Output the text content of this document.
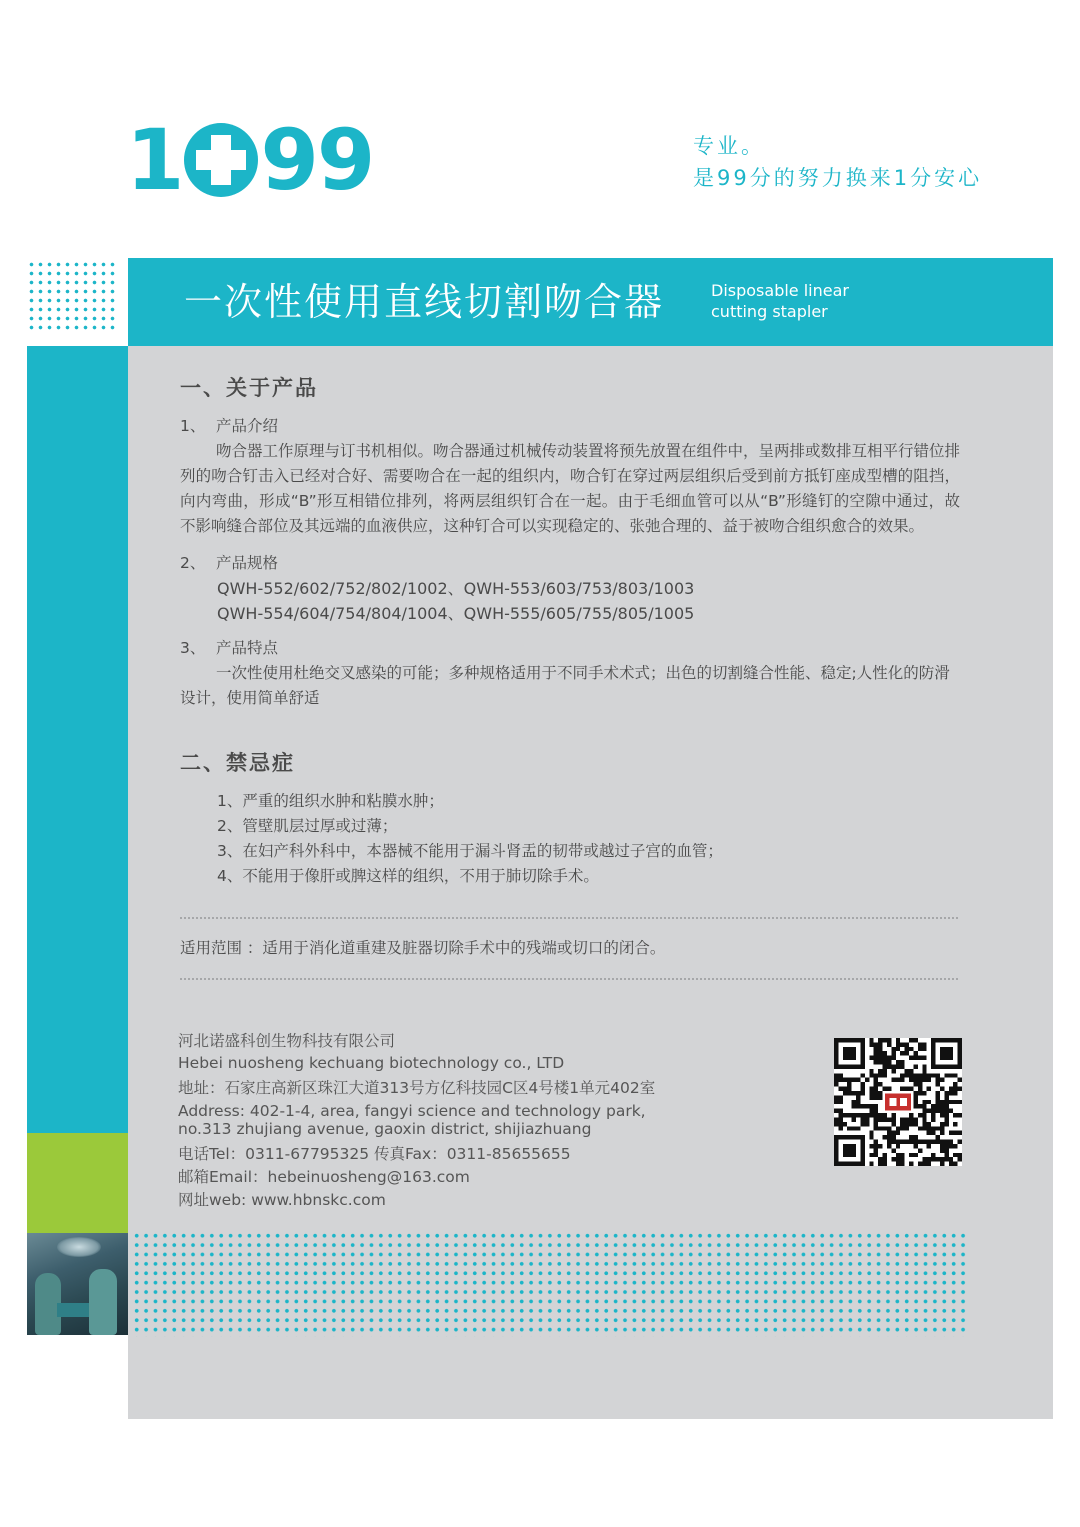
1 99	专业。
是99分的努力换来1分安心
一次性使用直线切割吻合器	Disposable linear
cutting stapler
一、关于产品
1、 产品介绍

吻合器工作原理与订书机相似。吻合器通过机械传动装置将预先放置在组件中，呈两排或数排互相平行错位排列的吻合钉击入已经对合好、需要吻合在一起的组织内，吻合钉在穿过两层组织后受到前方抵钉座成型槽的阻挡，向内弯曲，形成“B”形互相错位排列，将两层组织钉合在一起。由于毛细血管可以从“B”形缝钉的空隙中通过，故不影响缝合部位及其远端的血液供应，这种钉合可以实现稳定的、张弛合理的、益于被吻合组织愈合的效果。

2、 产品规格
QWH-552/602/752/802/1002、QWH-553/603/753/803/1003
QWH-554/604/754/804/1004、QWH-555/605/755/805/1005
3、 产品特点

一次性使用杜绝交叉感染的可能；多种规格适用于不同手术术式；出色的切割缝合性能、稳定;人性化的防滑设计，使用简单舒适

二、禁忌症
1、严重的组织水肿和粘膜水肿；
2、管壁肌层过厚或过薄；
3、在妇产科外科中，本器械不能用于漏斗肾盂的韧带或越过子宫的血管；
4、不能用于像肝或脾这样的组织，不用于肺切除手术。
适用范围 ：适用于消化道重建及脏器切除手术中的残端或切口的闭合。
河北诺盛科创生物科技有限公司
Hebei nuosheng kechuang biotechnology co., LTD
地址：石家庄高新区珠江大道313号方亿科技园C区4号楼1单元402室
Address: 402-1-4, area, fangyi science and technology park,
no.313 zhujiang avenue, gaoxin district, shijiazhuang
电话Tel：0311-67795325 传真Fax：0311-85655655
邮箱Email：hebeinuosheng@163.com
网址web: www.hbnskc.com
